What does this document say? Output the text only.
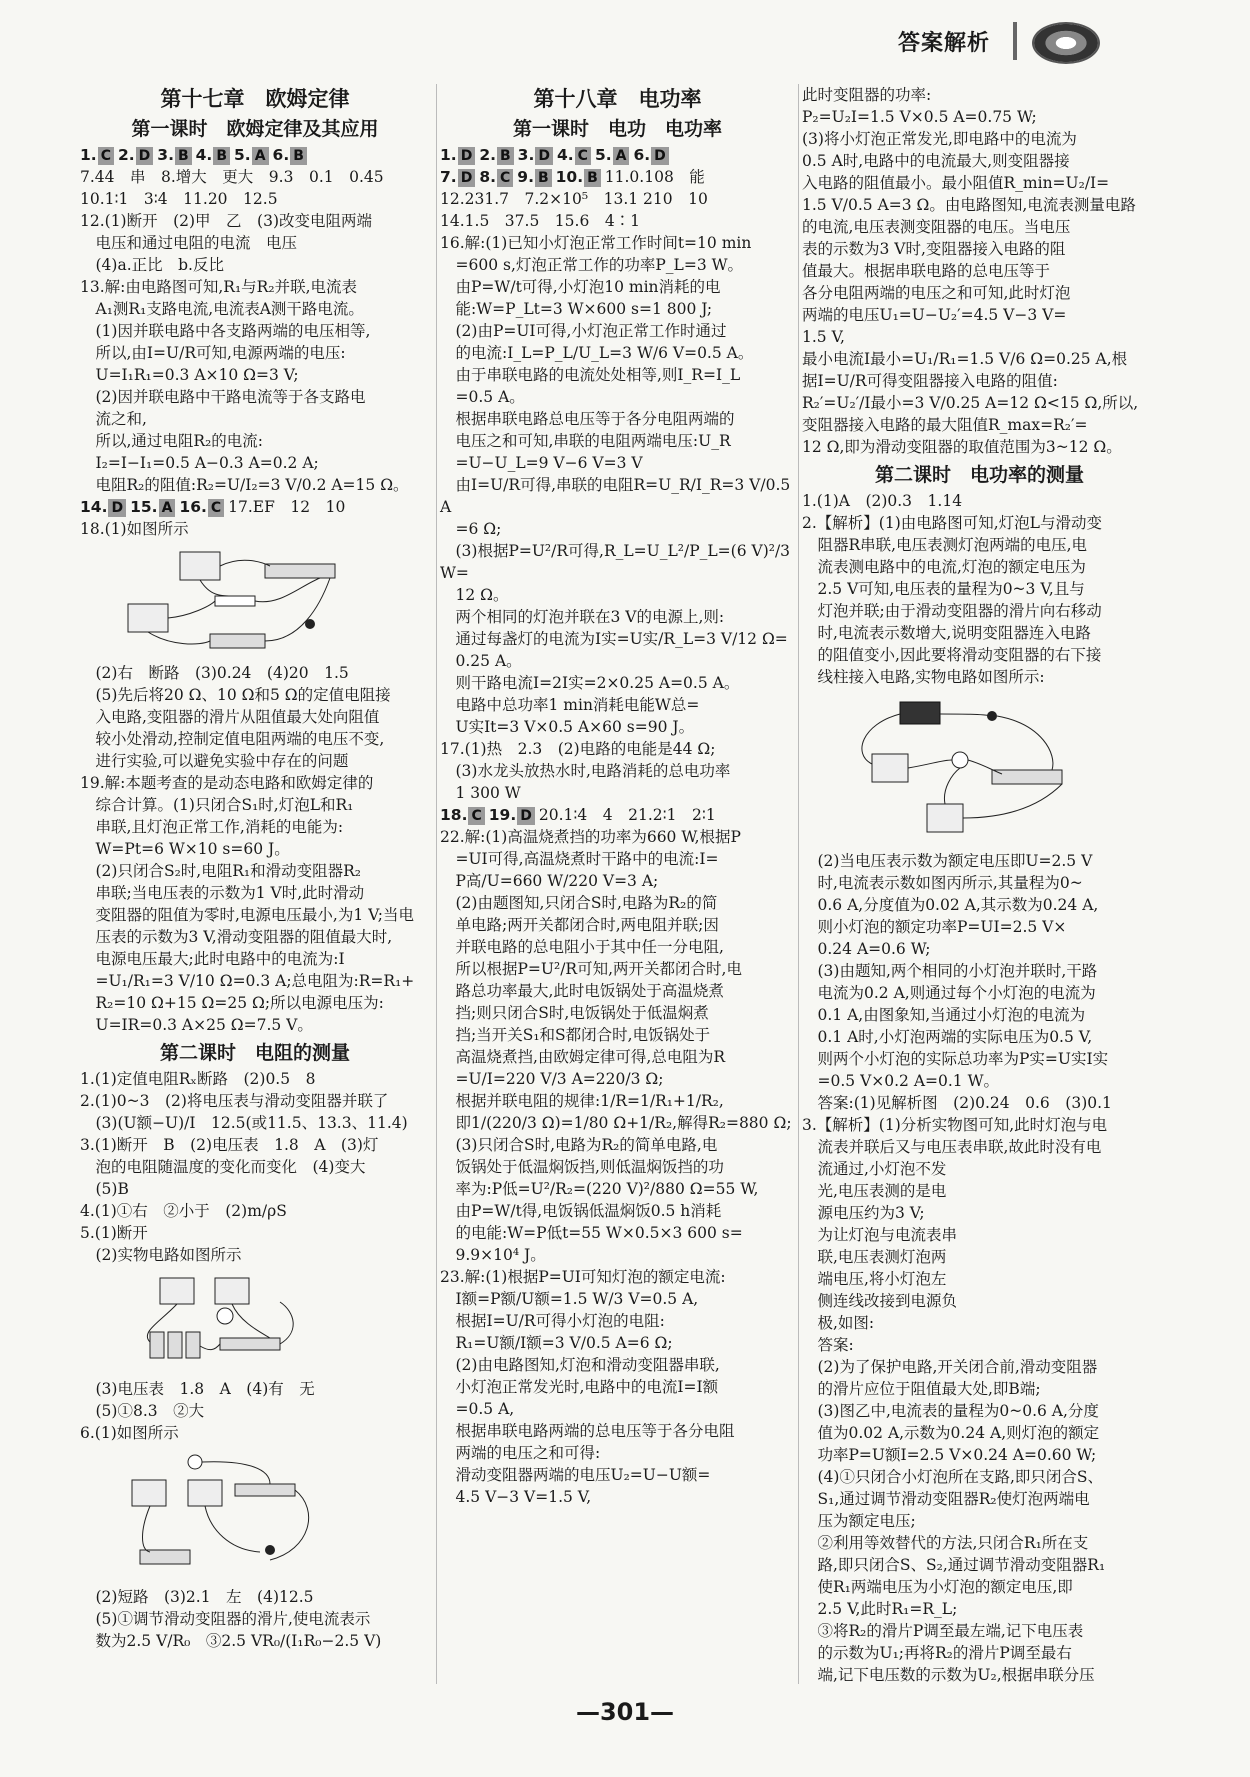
答案解析
第十七章　欧姆定律
第一课时　欧姆定律及其应用
1. C 2. D 3. B 4. B 5. A 6. B
7.44　串　8.增大　更大　9.3　0.1　0.45
10.1∶1　3∶4　11.20　12.5
12.(1)断开　(2)甲　乙　(3)改变电阻两端
　电压和通过电阻的电流　电压
　(4)a.正比　b.反比
13.解:由电路图可知,R₁与R₂并联,电流表
　A₁测R₁支路电流,电流表A测干路电流。
　(1)因并联电路中各支路两端的电压相等,
　所以,由I=U/R可知,电源两端的电压:
　U=I₁R₁=0.3 A×10 Ω=3 V;
　(2)因并联电路中干路电流等于各支路电
　流之和,
　所以,通过电阻R₂的电流:
　I₂=I−I₁=0.5 A−0.3 A=0.2 A;
　电阻R₂的阻值:R₂=U/I₂=3 V/0.2 A=15 Ω。
14. D 15. A 16. C 17.EF　12　10
18.(1)如图所示
　(2)右　断路　(3)0.24　(4)20　1.5
　(5)先后将20 Ω、10 Ω和5 Ω的定值电阻接
　入电路,变阻器的滑片从阻值最大处向阻值
　较小处滑动,控制定值电阻两端的电压不变,
　进行实验,可以避免实验中存在的问题
19.解:本题考查的是动态电路和欧姆定律的
　综合计算。(1)只闭合S₁时,灯泡L和R₁
　串联,且灯泡正常工作,消耗的电能为:
　W=Pt=6 W×10 s=60 J。
　(2)只闭合S₂时,电阻R₁和滑动变阻器R₂
　串联;当电压表的示数为1 V时,此时滑动
　变阻器的阻值为零时,电源电压最小,为1 V;当电
　压表的示数为3 V,滑动变阻器的阻值最大时,
　电源电压最大;此时电路中的电流为:I
　=U₁/R₁=3 V/10 Ω=0.3 A;总电阻为:R=R₁+
　R₂=10 Ω+15 Ω=25 Ω;所以电源电压为:
　U=IR=0.3 A×25 Ω=7.5 V。
第二课时　电阻的测量
1.(1)定值电阻Rₓ断路　(2)0.5　8
2.(1)0~3　(2)将电压表与滑动变阻器并联了
　(3)(U额−U)/I　12.5(或11.5、13.3、11.4)
3.(1)断开　B　(2)电压表　1.8　A　(3)灯
　泡的电阻随温度的变化而变化　(4)变大
　(5)B
4.(1)①右　②小于　(2)m/ρS
5.(1)断开
　(2)实物电路如图所示
　(3)电压表　1.8　A　(4)有　无
　(5)①8.3　②大
6.(1)如图所示
　(2)短路　(3)2.1　左　(4)12.5
　(5)①调节滑动变阻器的滑片,使电流表示
　数为2.5 V/R₀　③2.5 VR₀/(I₁R₀−2.5 V)
第十八章　电功率
第一课时　电功　电功率
1. D 2. B 3. D 4. C 5. A 6. D
7. D 8. C 9. B 10. B 11.0.108　能
12.231.7　7.2×10⁵　13.1 210　10
14.1.5　37.5　15.6　4∶1
16.解:(1)已知小灯泡正常工作时间t=10 min
　=600 s,灯泡正常工作的功率P_L=3 W。
　由P=W/t可得,小灯泡10 min消耗的电
　能:W=P_Lt=3 W×600 s=1 800 J;
　(2)由P=UI可得,小灯泡正常工作时通过
　的电流:I_L=P_L/U_L=3 W/6 V=0.5 A。
　由于串联电路的电流处处相等,则I_R=I_L
　=0.5 A。
　根据串联电路总电压等于各分电阻两端的
　电压之和可知,串联的电阻两端电压:U_R
　=U−U_L=9 V−6 V=3 V
　由I=U/R可得,串联的电阻R=U_R/I_R=3 V/0.5 A
　=6 Ω;
　(3)根据P=U²/R可得,R_L=U_L²/P_L=(6 V)²/3 W=
　12 Ω。
　两个相同的灯泡并联在3 V的电源上,则:
　通过每盏灯的电流为I实=U实/R_L=3 V/12 Ω=
　0.25 A。
　则干路电流I=2I实=2×0.25 A=0.5 A。
　电路中总功率1 min消耗电能W总=
　U实It=3 V×0.5 A×60 s=90 J。
17.(1)热　2.3　(2)电路的电能是44 Ω;
　(3)水龙头放热水时,电路消耗的总电功率
　1 300 W
18. C 19. D 20.1∶4　4　21.2∶1　2∶1
22.解:(1)高温烧煮挡的功率为660 W,根据P
　=UI可得,高温烧煮时干路中的电流:I=
　P高/U=660 W/220 V=3 A;
　(2)由题图知,只闭合S时,电路为R₂的简
　单电路;两开关都闭合时,两电阻并联;因
　并联电路的总电阻小于其中任一分电阻,
　所以根据P=U²/R可知,两开关都闭合时,电
　路总功率最大,此时电饭锅处于高温烧煮
　挡;则只闭合S时,电饭锅处于低温焖煮
　挡;当开关S₁和S都闭合时,电饭锅处于
　高温烧煮挡,由欧姆定律可得,总电阻为R
　=U/I=220 V/3 A=220/3 Ω;
　根据并联电阻的规律:1/R=1/R₁+1/R₂,
　即1/(220/3 Ω)=1/80 Ω+1/R₂,解得R₂=880 Ω;
　(3)只闭合S时,电路为R₂的简单电路,电
　饭锅处于低温焖饭挡,则低温焖饭挡的功
　率为:P低=U²/R₂=(220 V)²/880 Ω=55 W,
　由P=W/t得,电饭锅低温焖饭0.5 h消耗
　的电能:W=P低t=55 W×0.5×3 600 s=
　9.9×10⁴ J。
23.解:(1)根据P=UI可知灯泡的额定电流:
　I额=P额/U额=1.5 W/3 V=0.5 A,
　根据I=U/R可得小灯泡的电阻:
　R₁=U额/I额=3 V/0.5 A=6 Ω;
　(2)由电路图知,灯泡和滑动变阻器串联,
　小灯泡正常发光时,电路中的电流I=I额
　=0.5 A,
　根据串联电路两端的总电压等于各分电阻
　两端的电压之和可得:
　滑动变阻器两端的电压U₂=U−U额=
　4.5 V−3 V=1.5 V,
此时变阻器的功率:
P₂=U₂I=1.5 V×0.5 A=0.75 W;
(3)将小灯泡正常发光,即电路中的电流为
0.5 A时,电路中的电流最大,则变阻器接
入电路的阻值最小。最小阻值R_min=U₂/I=
1.5 V/0.5 A=3 Ω。由电路图知,电流表测量电路
的电流,电压表测变阻器的电压。当电压
表的示数为3 V时,变阻器接入电路的阻
值最大。根据串联电路的总电压等于
各分电阻两端的电压之和可知,此时灯泡
两端的电压U₁=U−U₂′=4.5 V−3 V=
1.5 V,
最小电流I最小=U₁/R₁=1.5 V/6 Ω=0.25 A,根
据I=U/R可得变阻器接入电路的阻值:
R₂′=U₂′/I最小=3 V/0.25 A=12 Ω<15 Ω,所以,
变阻器接入电路的最大阻值R_max=R₂′=
12 Ω,即为滑动变阻器的取值范围为3~12 Ω。
第二课时　电功率的测量
1.(1)A　(2)0.3　1.14
2.【解析】(1)由电路图可知,灯泡L与滑动变
　阻器R串联,电压表测灯泡两端的电压,电
　流表测电路中的电流,灯泡的额定电压为
　2.5 V可知,电压表的量程为0~3 V,且与
　灯泡并联;由于滑动变阻器的滑片向右移动
　时,电流表示数增大,说明变阻器连入电路
　的阻值变小,因此要将滑动变阻器的右下接
　线柱接入电路,实物电路如图所示:
　(2)当电压表示数为额定电压即U=2.5 V
　时,电流表示数如图丙所示,其量程为0~
　0.6 A,分度值为0.02 A,其示数为0.24 A,
　则小灯泡的额定功率P=UI=2.5 V×
　0.24 A=0.6 W;
　(3)由题知,两个相同的小灯泡并联时,干路
　电流为0.2 A,则通过每个小灯泡的电流为
　0.1 A,由图象知,当通过小灯泡的电流为
　0.1 A时,小灯泡两端的实际电压为0.5 V,
　则两个小灯泡的实际总功率为P实=U实I实
　=0.5 V×0.2 A=0.1 W。
　答案:(1)见解析图　(2)0.24　0.6　(3)0.1
3.【解析】(1)分析实物图可知,此时灯泡与电
　流表并联后又与电压表串联,故此时没有电
　流通过,小灯泡不发
　光,电压表测的是电
　源电压约为3 V;
　为让灯泡与电流表串
　联,电压表测灯泡两
　端电压,将小灯泡左
　侧连线改接到电源负
　极,如图:
　答案:
　(2)为了保护电路,开关闭合前,滑动变阻器
　的滑片应位于阻值最大处,即B端;
　(3)图乙中,电流表的量程为0~0.6 A,分度
　值为0.02 A,示数为0.24 A,则灯泡的额定
　功率P=U额I=2.5 V×0.24 A=0.60 W;
　(4)①只闭合小灯泡所在支路,即只闭合S、
　S₁,通过调节滑动变阻器R₂使灯泡两端电
　压为额定电压;
　②利用等效替代的方法,只闭合R₁所在支
　路,即只闭合S、S₂,通过调节滑动变阻器R₁
　使R₁两端电压为小灯泡的额定电压,即
　2.5 V,此时R₁=R_L;
　③将R₂的滑片P调至最左端,记下电压表
　的示数为U₁;再将R₂的滑片P调至最右
　端,记下电压数的示数为U₂,根据串联分压
—301—
